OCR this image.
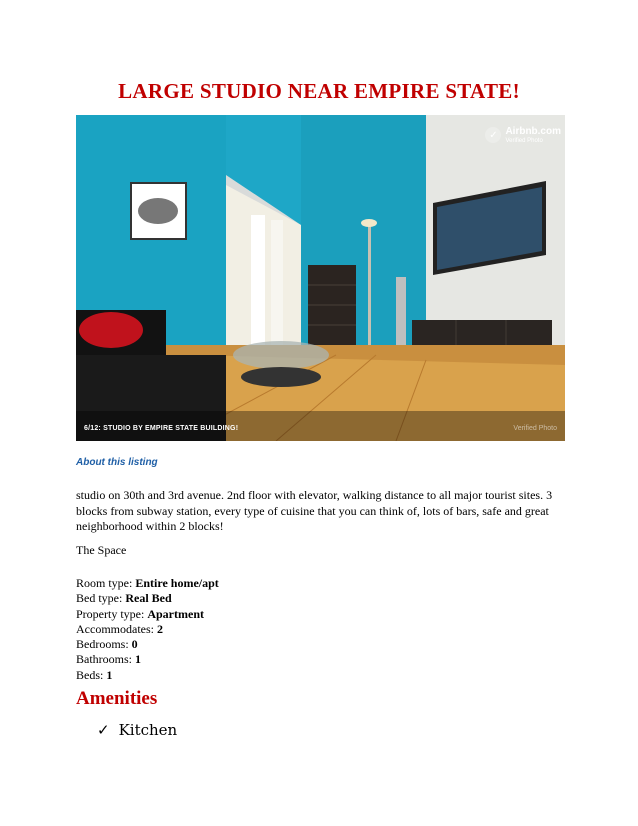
LARGE STUDIO NEAR EMPIRE STATE!
✓ Airbnb.com
Verified Photo
6/12: STUDIO BY EMPIRE STATE BUILDING!	Verified Photo
About this listing
studio on 30th and 3rd avenue. 2nd floor with elevator, walking distance to all major tourist sites. 3 blocks from subway station, every type of cuisine that you can think of, lots of bars, safe and great neighborhood within 2 blocks!
The Space
Room type: Entire home/apt
Bed type: Real Bed
Property type: Apartment
Accommodates: 2
Bedrooms: 0
Bathrooms: 1
Beds: 1
Amenities
✓ Kitchen
